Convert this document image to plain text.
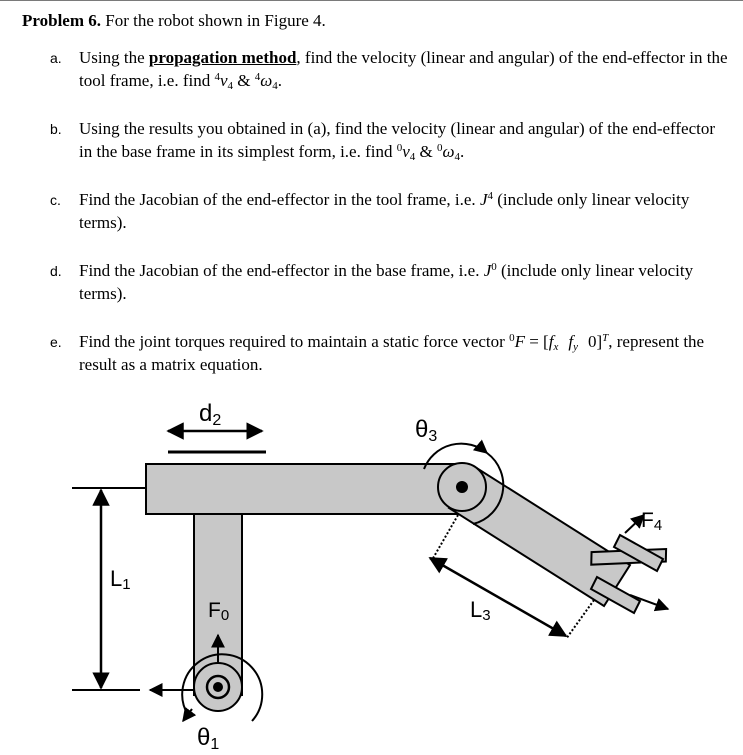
Problem 6. For the robot shown in Figure 4.
a. Using the propagation method, find the velocity (linear and angular) of the end-effector in the tool frame, i.e. find $^4v_4$ & $^4\omega_4$.
b. Using the results you obtained in (a), find the velocity (linear and angular) of the end-effector in the base frame in its simplest form, i.e. find $^0v_4$ & $^0\omega_4$.
c. Find the Jacobian of the end-effector in the tool frame, i.e. $J^4$ (include only linear velocity terms).
d. Find the Jacobian of the end-effector in the base frame, i.e. $J^0$ (include only linear velocity terms).
e. Find the joint torques required to maintain a static force vector $^0F = [f_x$ $f_y$ 0]$^T$, represent the result as a matrix equation.
d2	θ3
F4
L1
F0	L3
θ1
